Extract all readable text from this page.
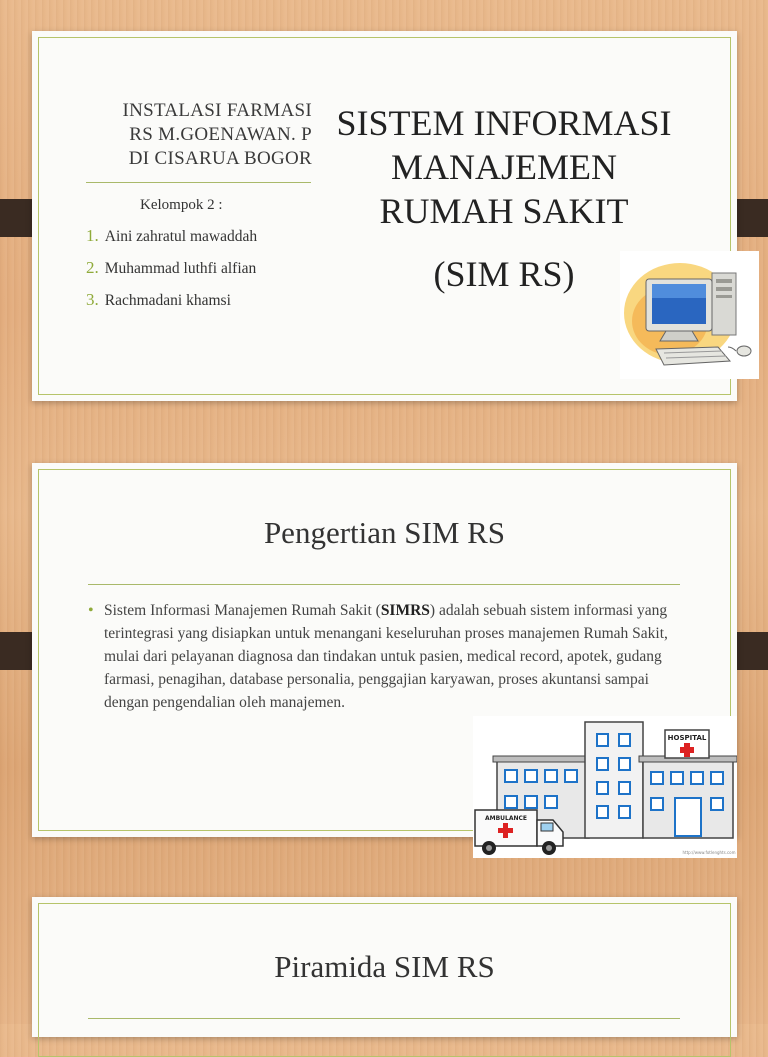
INSTALASI FARMASI
RS M.GOENAWAN. P
DI CISARUA BOGOR
Kelompok 2 :
1. Aini zahratul mawaddah
2. Muhammad luthfi alfian
3. Rachmadani khamsi
SISTEM INFORMASI
MANAJEMEN
RUMAH SAKIT
(SIM RS)
Pengertian SIM RS
• Sistem Informasi Manajemen Rumah Sakit (SIMRS) adalah sebuah sistem informasi yang terintegrasi yang disiapkan untuk menangani keseluruhan proses manajemen Rumah Sakit, mulai dari pelayanan diagnosa dan tindakan untuk pasien, medical record, apotek, gudang farmasi, penagihan, database personalia, penggajian karyawan, proses akuntansi sampai dengan pengendalian oleh manajemen.
HOSPITAL
AMBULANCE
http://www.fotlenghts.com
Piramida SIM RS
